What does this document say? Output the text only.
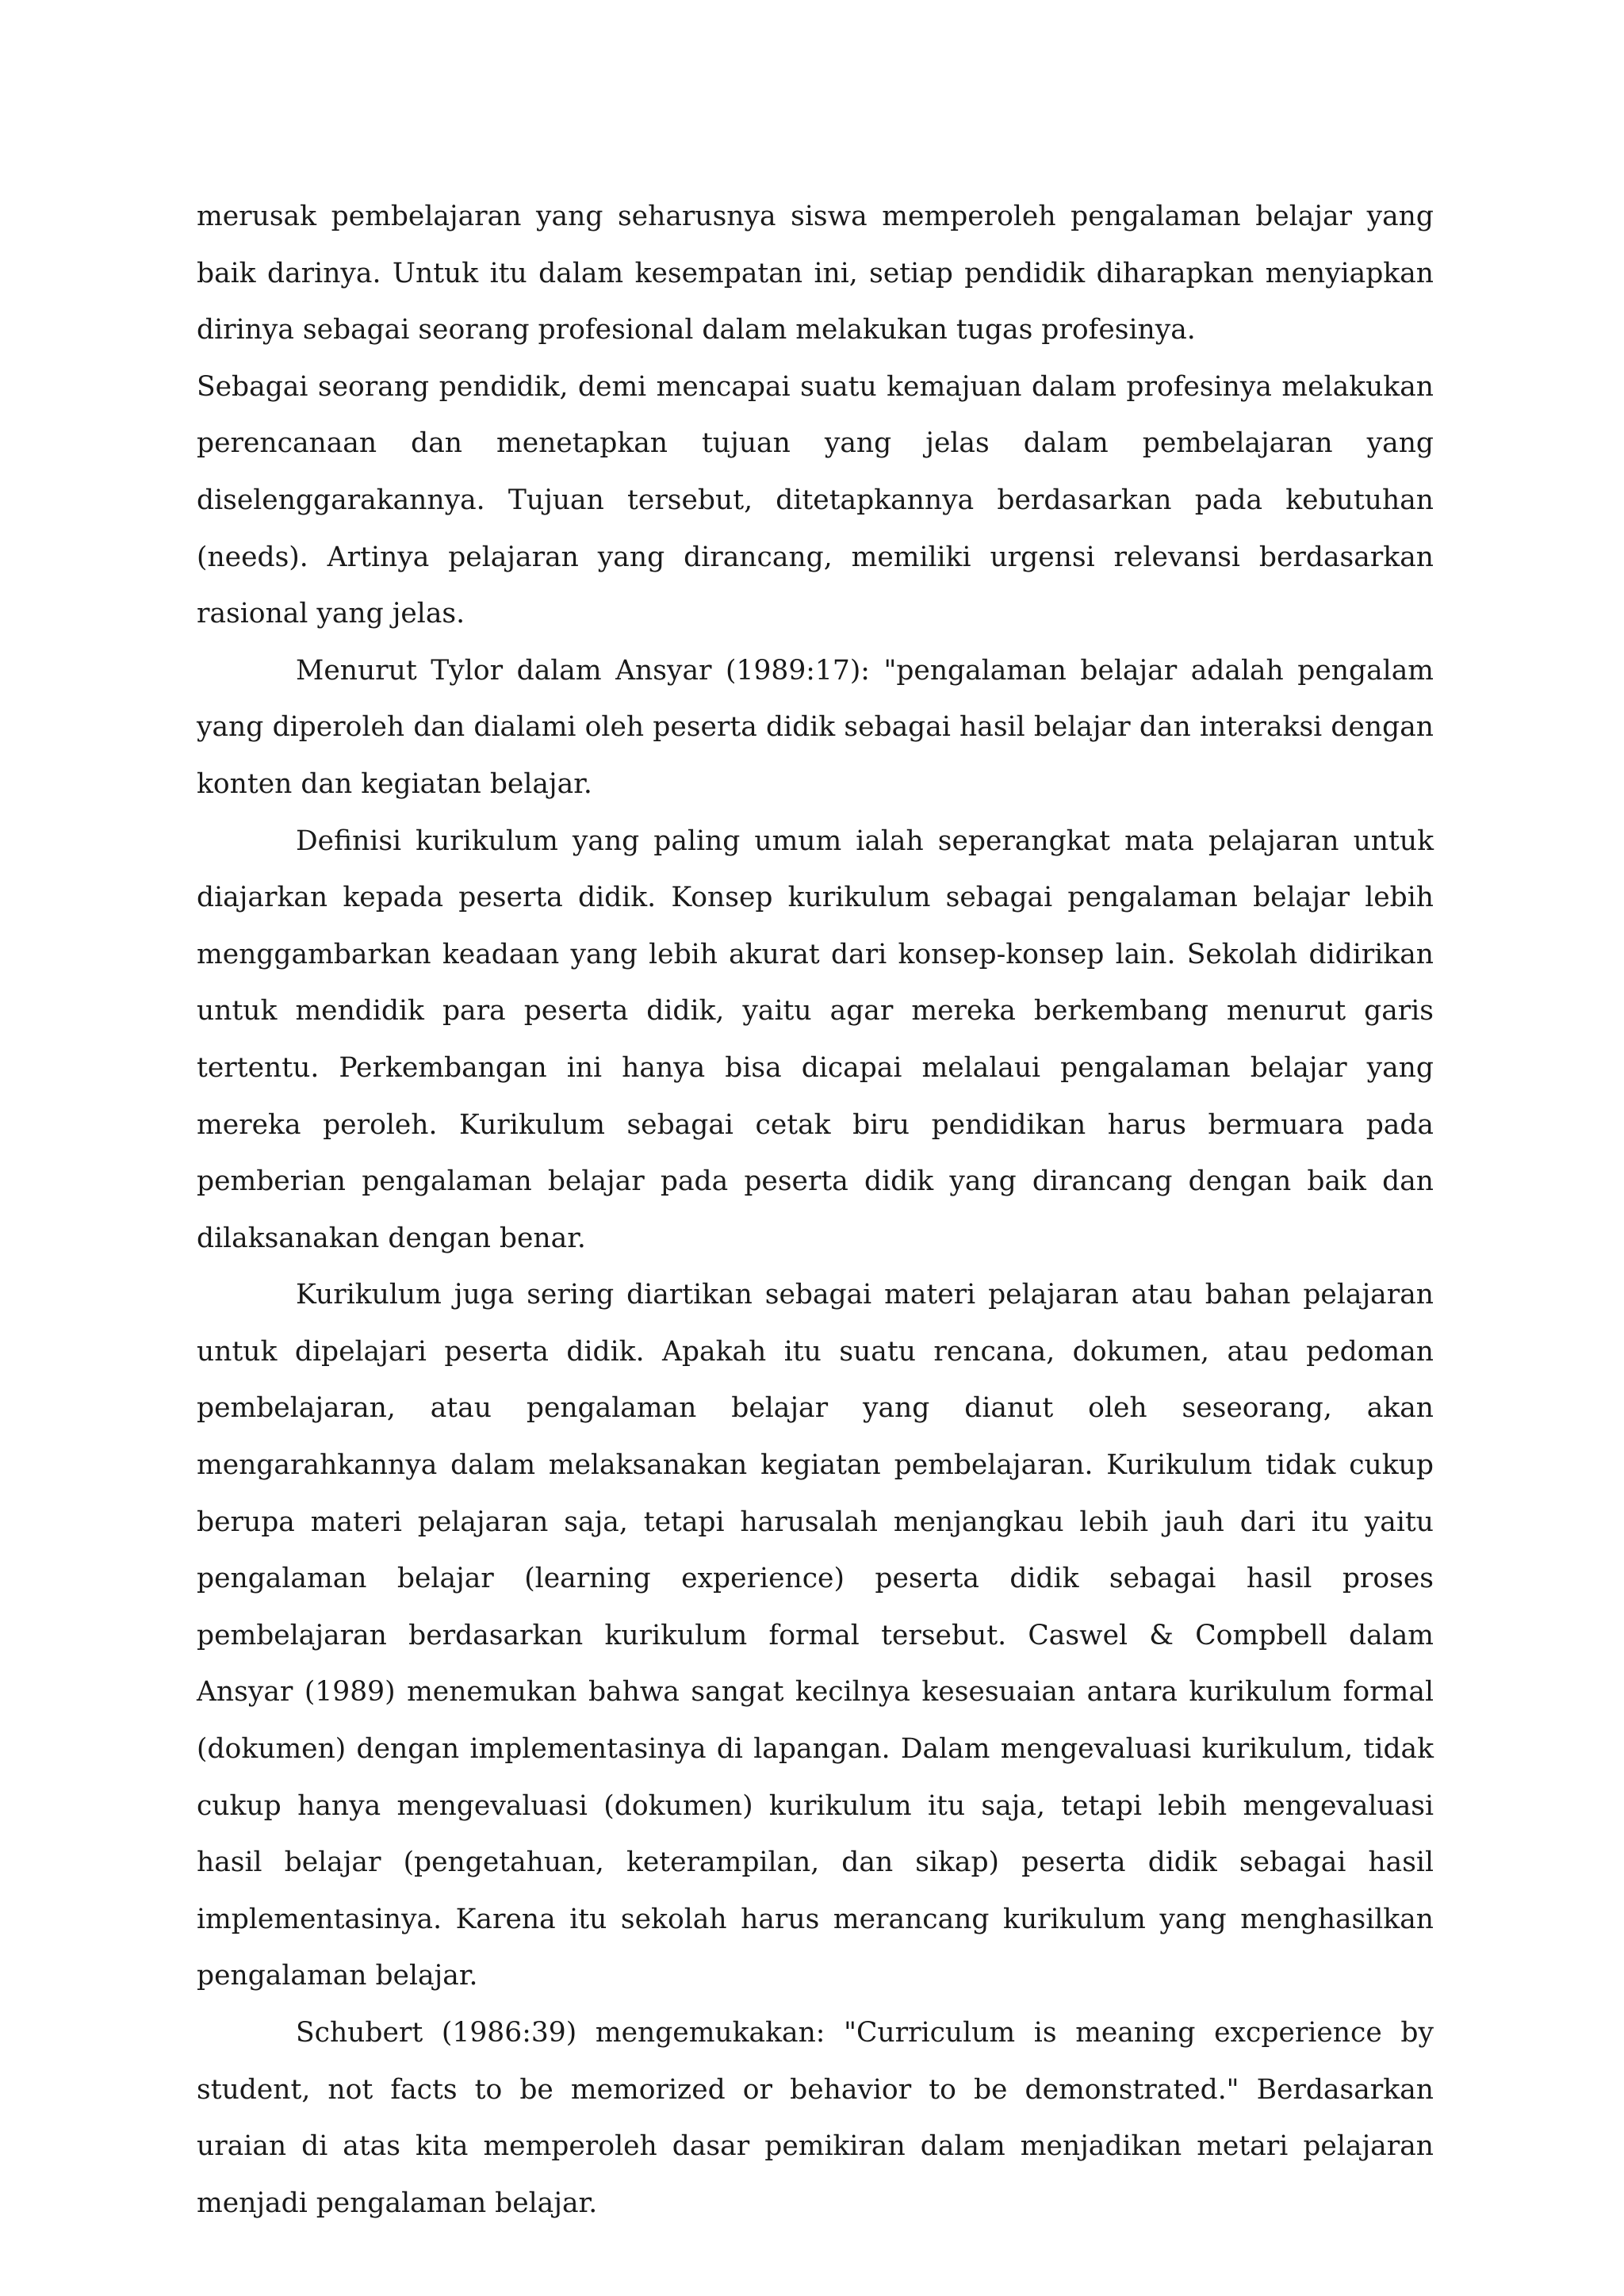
merusak pembelajaran yang seharusnya siswa memperoleh pengalaman belajar yang baik darinya. Untuk itu dalam kesempatan ini, setiap pendidik diharapkan menyiapkan dirinya sebagai seorang profesional dalam melakukan tugas profesinya.

Sebagai seorang pendidik, demi mencapai suatu kemajuan dalam profesinya melakukan perencanaan dan menetapkan tujuan yang jelas dalam pembelajaran yang diselenggarakannya. Tujuan tersebut, ditetapkannya berdasarkan pada kebutuhan (needs). Artinya pelajaran yang dirancang, memiliki urgensi relevansi berdasarkan rasional yang jelas.

Menurut Tylor dalam Ansyar (1989:17): "pengalaman belajar adalah pengalam yang diperoleh dan dialami oleh peserta didik sebagai hasil belajar dan interaksi dengan konten dan kegiatan belajar.

Definisi kurikulum yang paling umum ialah seperangkat mata pelajaran untuk diajarkan kepada peserta didik. Konsep kurikulum sebagai pengalaman belajar lebih menggambarkan keadaan yang lebih akurat dari konsep-konsep lain. Sekolah didirikan untuk mendidik para peserta didik, yaitu agar mereka berkembang menurut garis tertentu. Perkembangan ini hanya bisa dicapai melalaui pengalaman belajar yang mereka peroleh. Kurikulum sebagai cetak biru pendidikan harus bermuara pada pemberian pengalaman belajar pada peserta didik yang dirancang dengan baik dan dilaksanakan dengan benar.

Kurikulum juga sering diartikan sebagai materi pelajaran atau bahan pelajaran untuk dipelajari peserta didik. Apakah itu suatu rencana, dokumen, atau pedoman pembelajaran, atau pengalaman belajar yang dianut oleh seseorang, akan mengarahkannya dalam melaksanakan kegiatan pembelajaran. Kurikulum tidak cukup berupa materi pelajaran saja, tetapi harusalah menjangkau lebih jauh dari itu yaitu pengalaman belajar (learning experience) peserta didik sebagai hasil proses pembelajaran berdasarkan kurikulum formal tersebut. Caswel & Compbell dalam Ansyar (1989) menemukan bahwa sangat kecilnya kesesuaian antara kurikulum formal (dokumen) dengan implementasinya di lapangan. Dalam mengevaluasi kurikulum, tidak cukup hanya mengevaluasi (dokumen) kurikulum itu saja, tetapi lebih mengevaluasi hasil belajar (pengetahuan, keterampilan, dan sikap) peserta didik sebagai hasil implementasinya. Karena itu sekolah harus merancang kurikulum yang menghasilkan pengalaman belajar.

Schubert (1986:39) mengemukakan: "Curriculum is meaning excperience by student, not facts to be memorized or behavior to be demonstrated." Berdasarkan uraian di atas kita memperoleh dasar pemikiran dalam menjadikan metari pelajaran menjadi pengalaman belajar.
